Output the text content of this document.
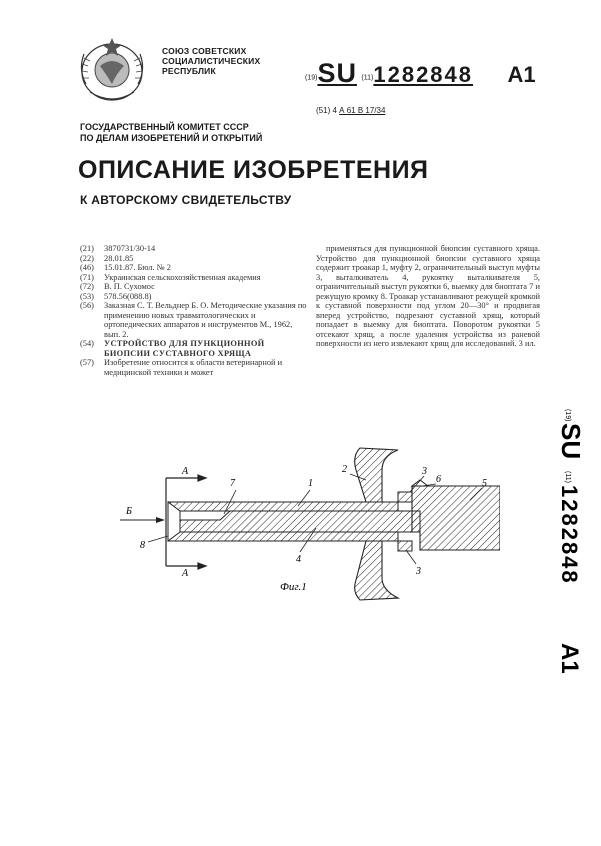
СОЮЗ СОВЕТСКИХ
СОЦИАЛИСТИЧЕСКИХ
РЕСПУБЛИК
(19)SU (11)1282848 A1
(51) 4 А 61 В 17/34
ГОСУДАРСТВЕННЫЙ КОМИТЕТ СССР
ПО ДЕЛАМ ИЗОБРЕТЕНИЙ И ОТКРЫТИЙ
ОПИСАНИЕ ИЗОБРЕТЕНИЯ
К АВТОРСКОМУ СВИДЕТЕЛЬСТВУ
(21)	3870731/30-14
(22)	28.01.85
(46)	15.01.87. Бюл. № 2
(71)	Украинская сельскохозяйственная академия
(72)	В. П. Сухомос
(53)	578.56(088.8)
(56)	Заказная С. Т. Вельднер Б. О. Методические указания по применению новых травматологических и ортопедических аппаратов и инструментов М., 1962, вып. 2.
(54)	УСТРОЙСТВО ДЛЯ ПУНКЦИОННОЙ БИОПСИИ СУСТАВНОГО ХРЯЩА
(57)	Изобретение относится к области ветеринарной и медицинской техники и может

применяться для пункционной биопсии суставного хряща. Устройство для пункционной биопсии суставного хряща содержит троакар 1, муфту 2, ограничительный выступ муфты 3, выталкиватель 4, рукоятку выталкивателя 5, ограничительный выступ рукоятки 6, выемку для биоптата 7 и режущую кромку 8. Троакар устанавливают режущей кромкой к суставной поверхности под углом 20—30° и продвигая вперед устройство, подрезают суставной хрящ, который попадает в выемку для биоптата. Поворотом рукоятки 5 отсекают хрящ, а после удаления устройства из раневой поверхности из него извлекают хрящ для исследований. 3 ил.

А
А
Б
7	1
2	3
6	5
4
8
3
Фиг.1
(19)
SU
(11)
1282848
A1
